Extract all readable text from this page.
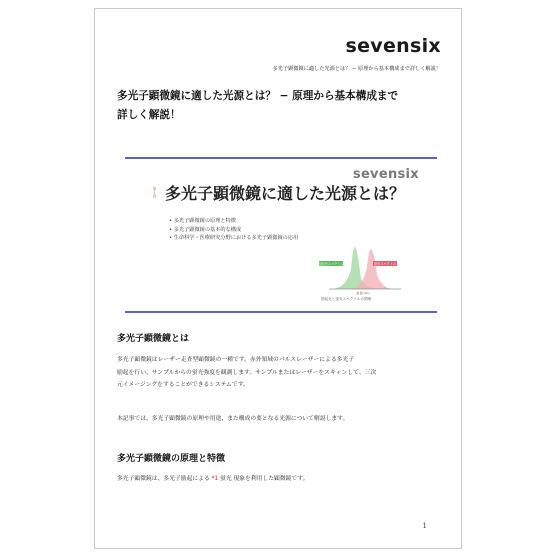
sevensix
多光子顕微鏡に適した光源とは？ − 原理から基本構成まで詳しく解説！
多光子顕微鏡に適した光源とは？ − 原理から基本構成まで
詳しく解説！
sevensix
第１回 多光子顕微鏡に適した光源とは？
• 多光子顕微鏡の原理と特徴
• 多光子顕微鏡の基本的な構成
• 生命科学・医療研究分野における多光子顕微鏡の応用
励起光スペクトル	蛍光スペクトル
波長(nm)
励起光と蛍光スペクトルの関係
多光子顕微鏡とは
多光子顕微鏡はレーザー走査型顕微鏡の一種です。赤外領域のパルスレーザーによる多光子
励起を行い、サンプルからの蛍光強度を観測します。サンプルまたはレーザーをスキャンして、三次
元イメージングをすることができるシステムです。
本記事では、多光子顕微鏡の原理や用途、また構成の要となる光源について解説します。
多光子顕微鏡の原理と特徴
多光子顕微鏡は、多光子励起による *1 蛍光 現象を利用した顕微鏡です。
1
